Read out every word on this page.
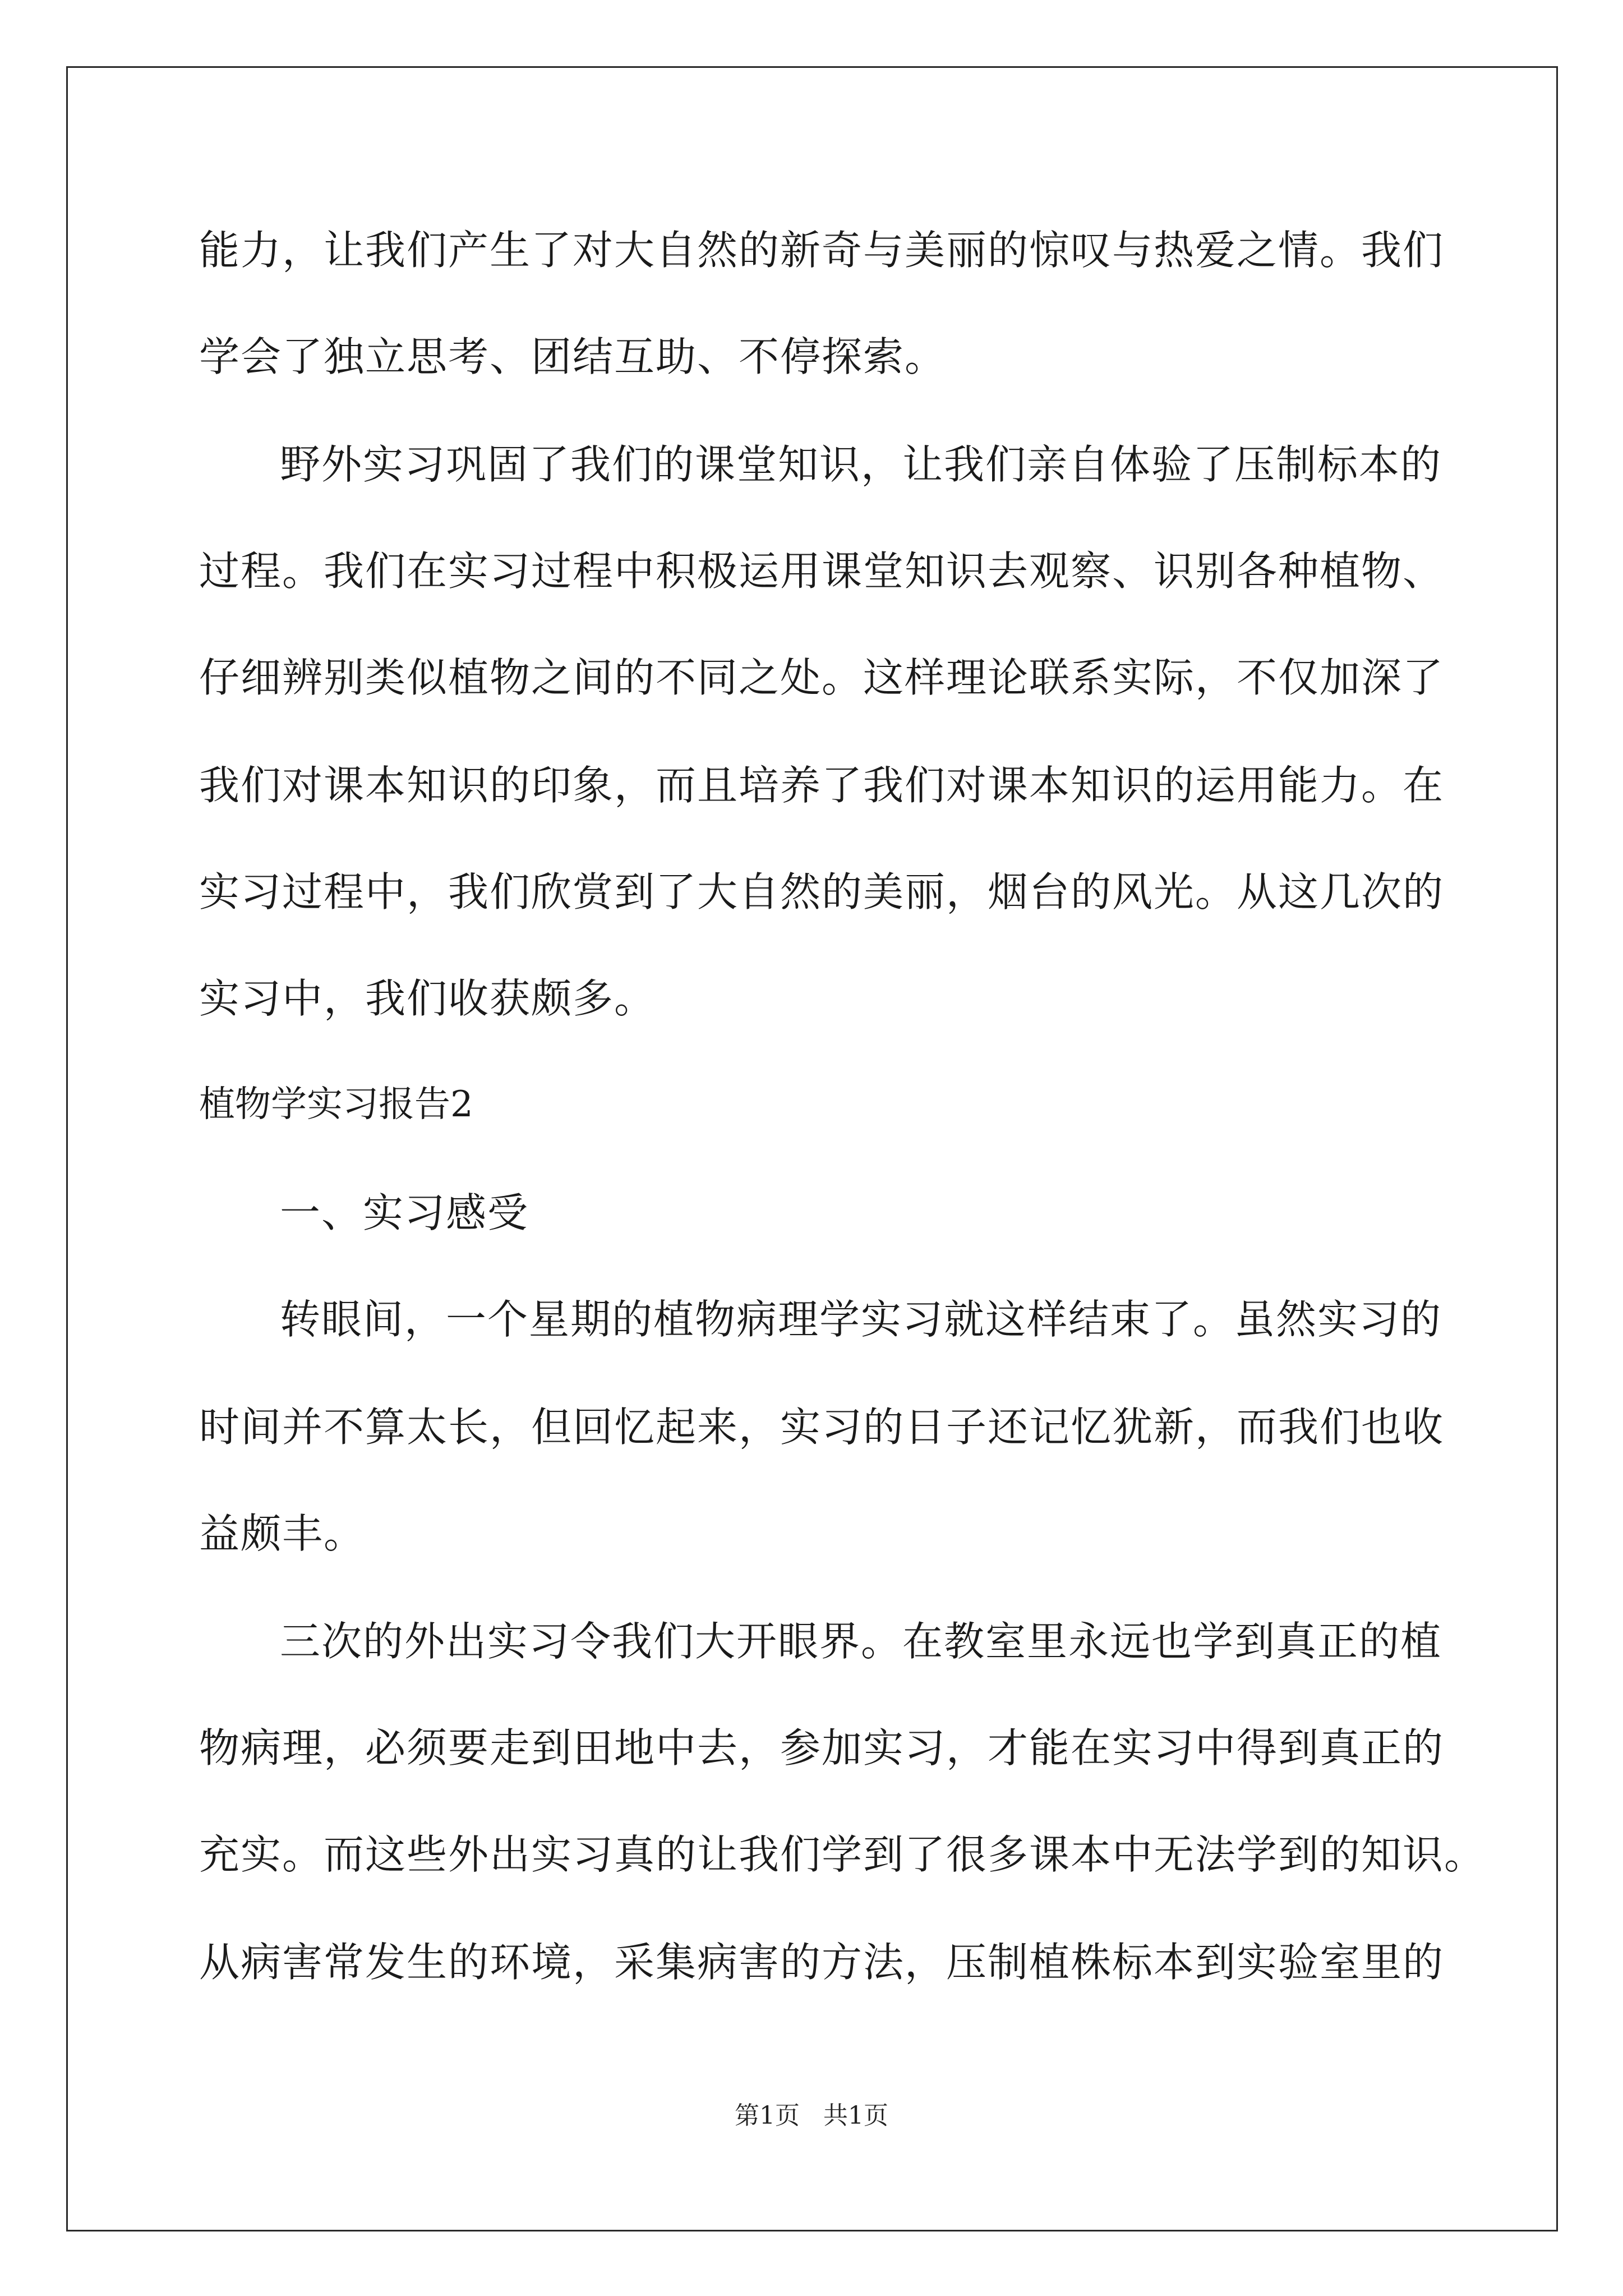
能力，让我们产生了对大自然的新奇与美丽的惊叹与热爱之情。我们
学会了独立思考、团结互助、不停探索。
野外实习巩固了我们的课堂知识，让我们亲自体验了压制标本的
过程。我们在实习过程中积极运用课堂知识去观察、识别各种植物、
仔细辨别类似植物之间的不同之处。这样理论联系实际，不仅加深了
我们对课本知识的印象，而且培养了我们对课本知识的运用能力。在
实习过程中，我们欣赏到了大自然的美丽，烟台的风光。从这几次的
实习中，我们收获颇多。
植物学实习报告2
一、实习感受
转眼间，一个星期的植物病理学实习就这样结束了。虽然实习的
时间并不算太长，但回忆起来，实习的日子还记忆犹新，而我们也收
益颇丰。
三次的外出实习令我们大开眼界。在教室里永远也学到真正的植
物病理，必须要走到田地中去，参加实习，才能在实习中得到真正的
充实。而这些外出实习真的让我们学到了很多课本中无法学到的知识。
从病害常发生的环境，采集病害的方法，压制植株标本到实验室里的
第1页   共1页
